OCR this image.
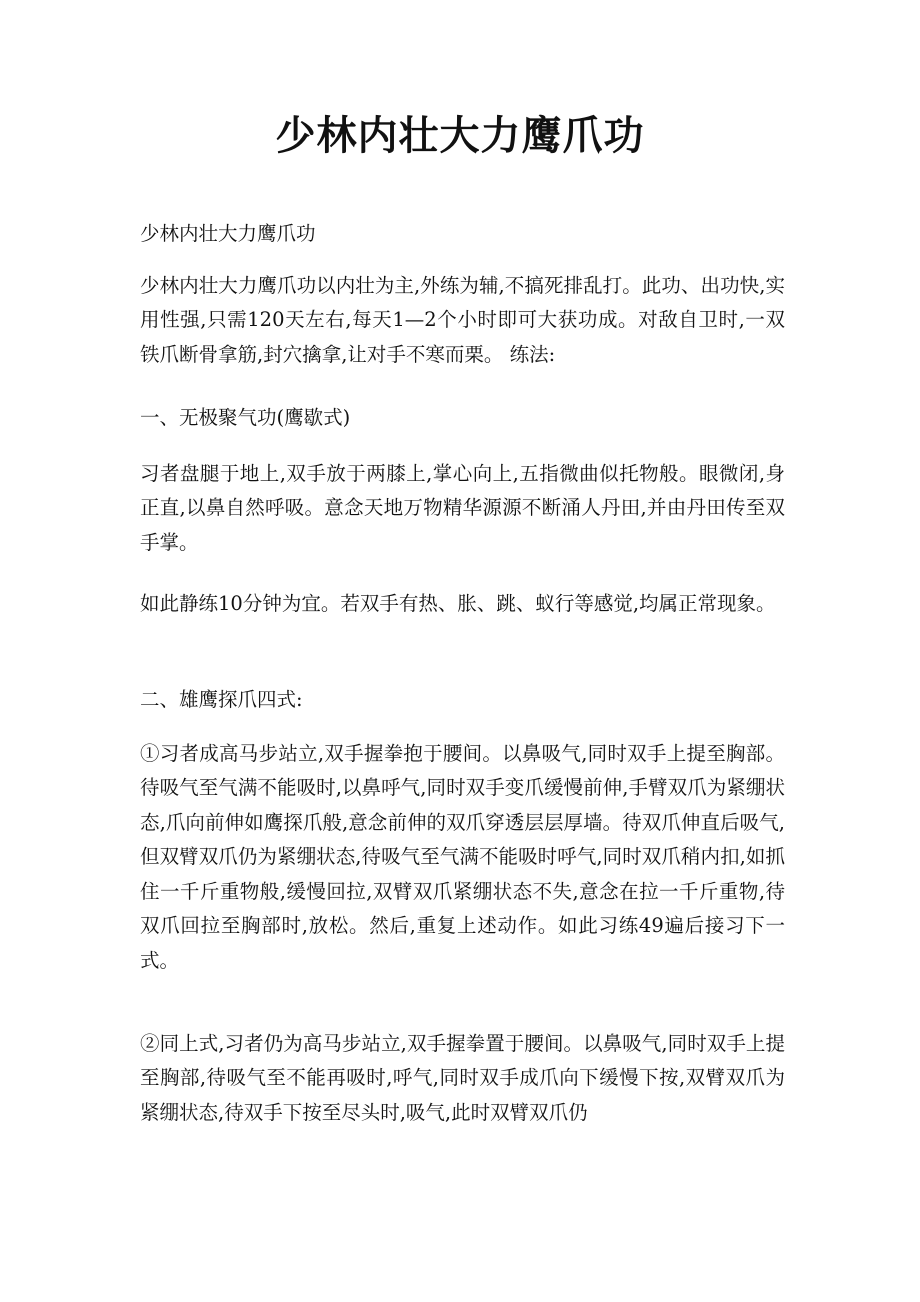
少林内壮大力鹰爪功

少林内壮大力鹰爪功

少林内壮大力鹰爪功以内壮为主,外练为辅,不搞死排乱打。此功、出功快,实用性强,只需120天左右,每天1—2个小时即可大获功成。对敌自卫时,一双铁爪断骨拿筋,封穴擒拿,让对手不寒而栗。 练法:

一、无极聚气功(鹰歇式)

习者盘腿于地上,双手放于两膝上,掌心向上,五指微曲似托物般。眼微闭,身正直,以鼻自然呼吸。意念天地万物精华源源不断涌人丹田,并由丹田传至双手掌。

如此静练10分钟为宜。若双手有热、胀、跳、蚁行等感觉,均属正常现象。

二、雄鹰探爪四式:

①习者成高马步站立,双手握拳抱于腰间。以鼻吸气,同时双手上提至胸部。待吸气至气满不能吸时,以鼻呼气,同时双手变爪缓慢前伸,手臂双爪为紧绷状态,爪向前伸如鹰探爪般,意念前伸的双爪穿透层层厚墙。待双爪伸直后吸气,但双臂双爪仍为紧绷状态,待吸气至气满不能吸时呼气,同时双爪稍内扣,如抓住一千斤重物般,缓慢回拉,双臂双爪紧绷状态不失,意念在拉一千斤重物,待双爪回拉至胸部时,放松。然后,重复上述动作。如此习练49遍后接习下一式。

②同上式,习者仍为高马步站立,双手握拳置于腰间。以鼻吸气,同时双手上提至胸部,待吸气至不能再吸时,呼气,同时双手成爪向下缓慢下按,双臂双爪为紧绷状态,待双手下按至尽头时,吸气,此时双臂双爪仍
